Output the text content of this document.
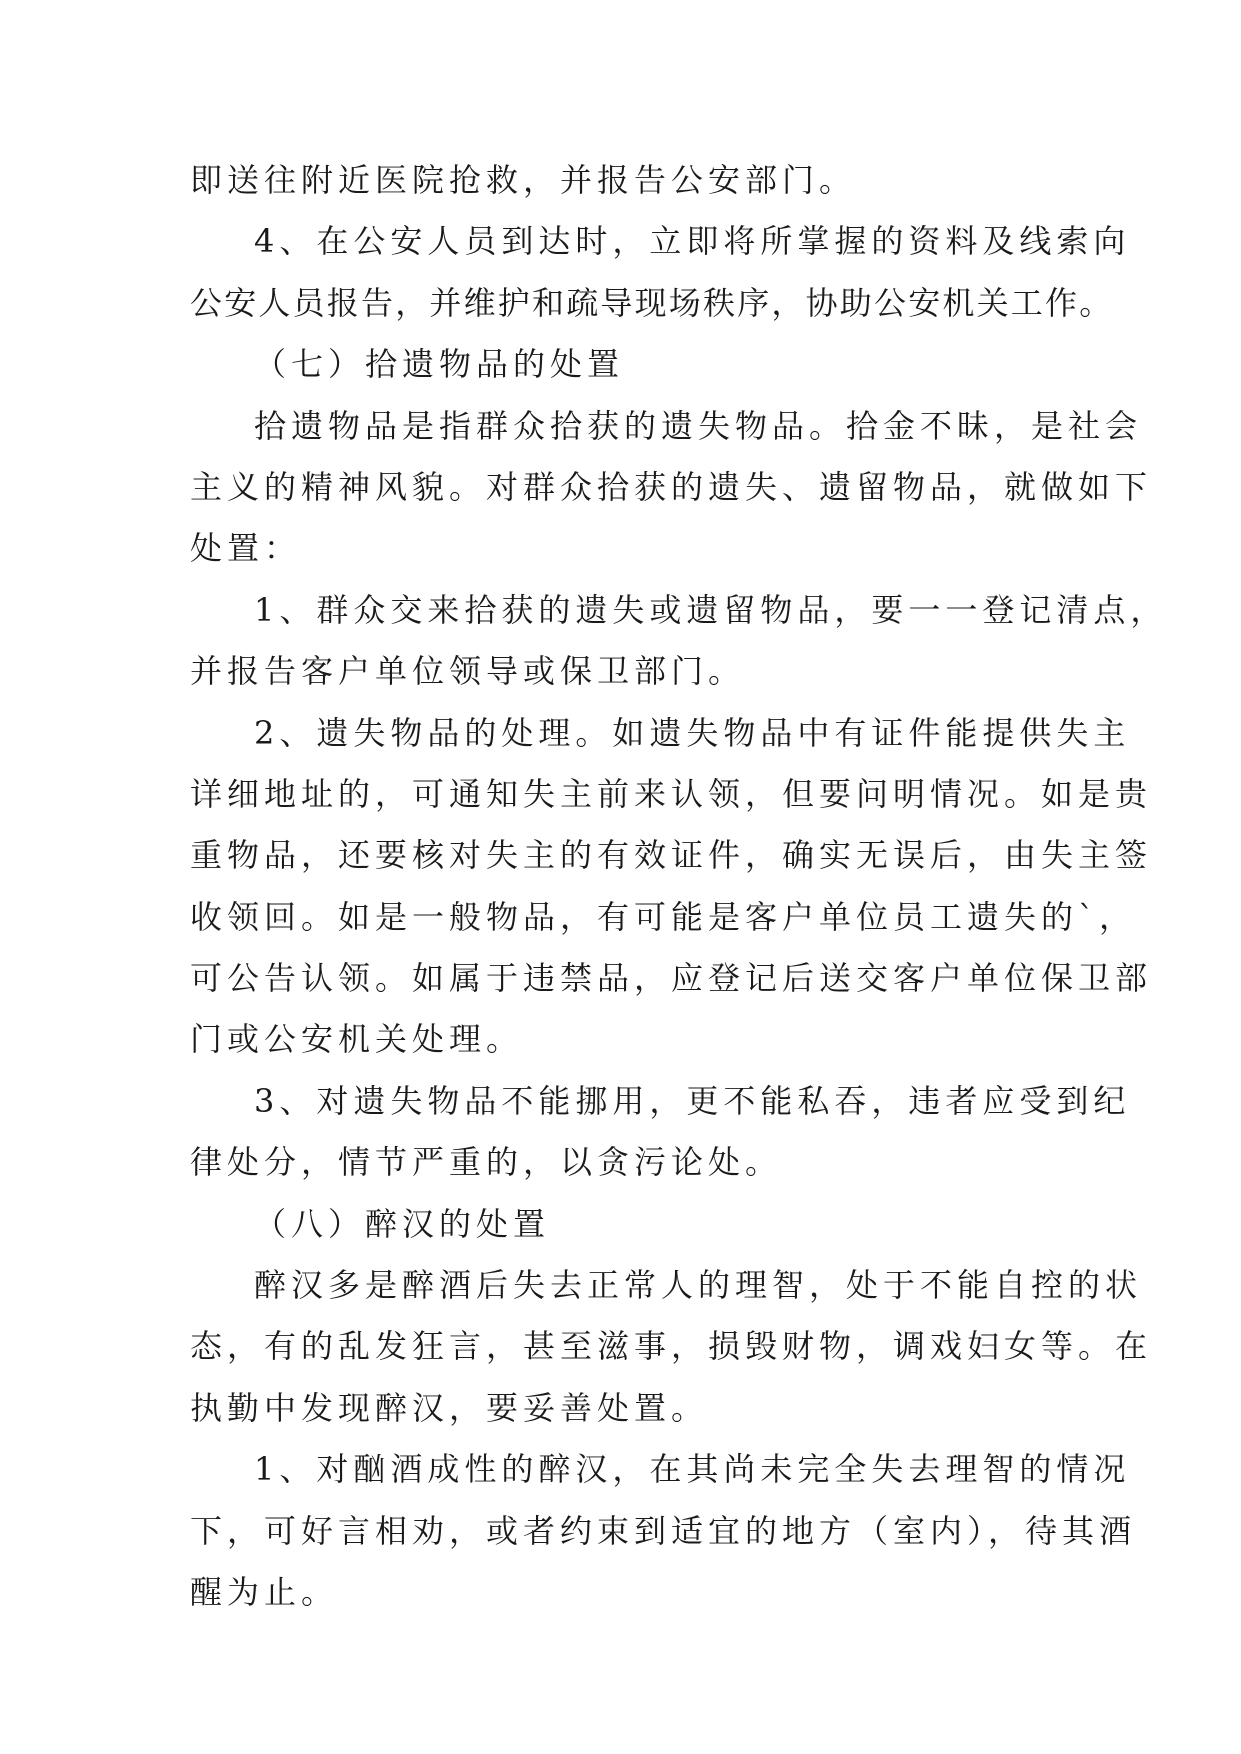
即送往附近医院抢救，并报告公安部门。
4、在公安人员到达时，立即将所掌握的资料及线索向
公安人员报告，并维护和疏导现场秩序，协助公安机关工作。
（七）拾遗物品的处置
拾遗物品是指群众拾获的遗失物品。拾金不昧，是社会
主义的精神风貌。对群众拾获的遗失、遗留物品，就做如下
处置：
1、群众交来拾获的遗失或遗留物品，要一一登记清点，
并报告客户单位领导或保卫部门。
2、遗失物品的处理。如遗失物品中有证件能提供失主
详细地址的，可通知失主前来认领，但要问明情况。如是贵
重物品，还要核对失主的有效证件，确实无误后，由失主签
收领回。如是一般物品，有可能是客户单位员工遗失的`，
可公告认领。如属于违禁品，应登记后送交客户单位保卫部
门或公安机关处理。
3、对遗失物品不能挪用，更不能私吞，违者应受到纪
律处分，情节严重的，以贪污论处。
（八）醉汉的处置
醉汉多是醉酒后失去正常人的理智，处于不能自控的状
态，有的乱发狂言，甚至滋事，损毁财物，调戏妇女等。在
执勤中发现醉汉，要妥善处置。
1、对酗酒成性的醉汉，在其尚未完全失去理智的情况
下，可好言相劝，或者约束到适宜的地方（室内），待其酒
醒为止。
